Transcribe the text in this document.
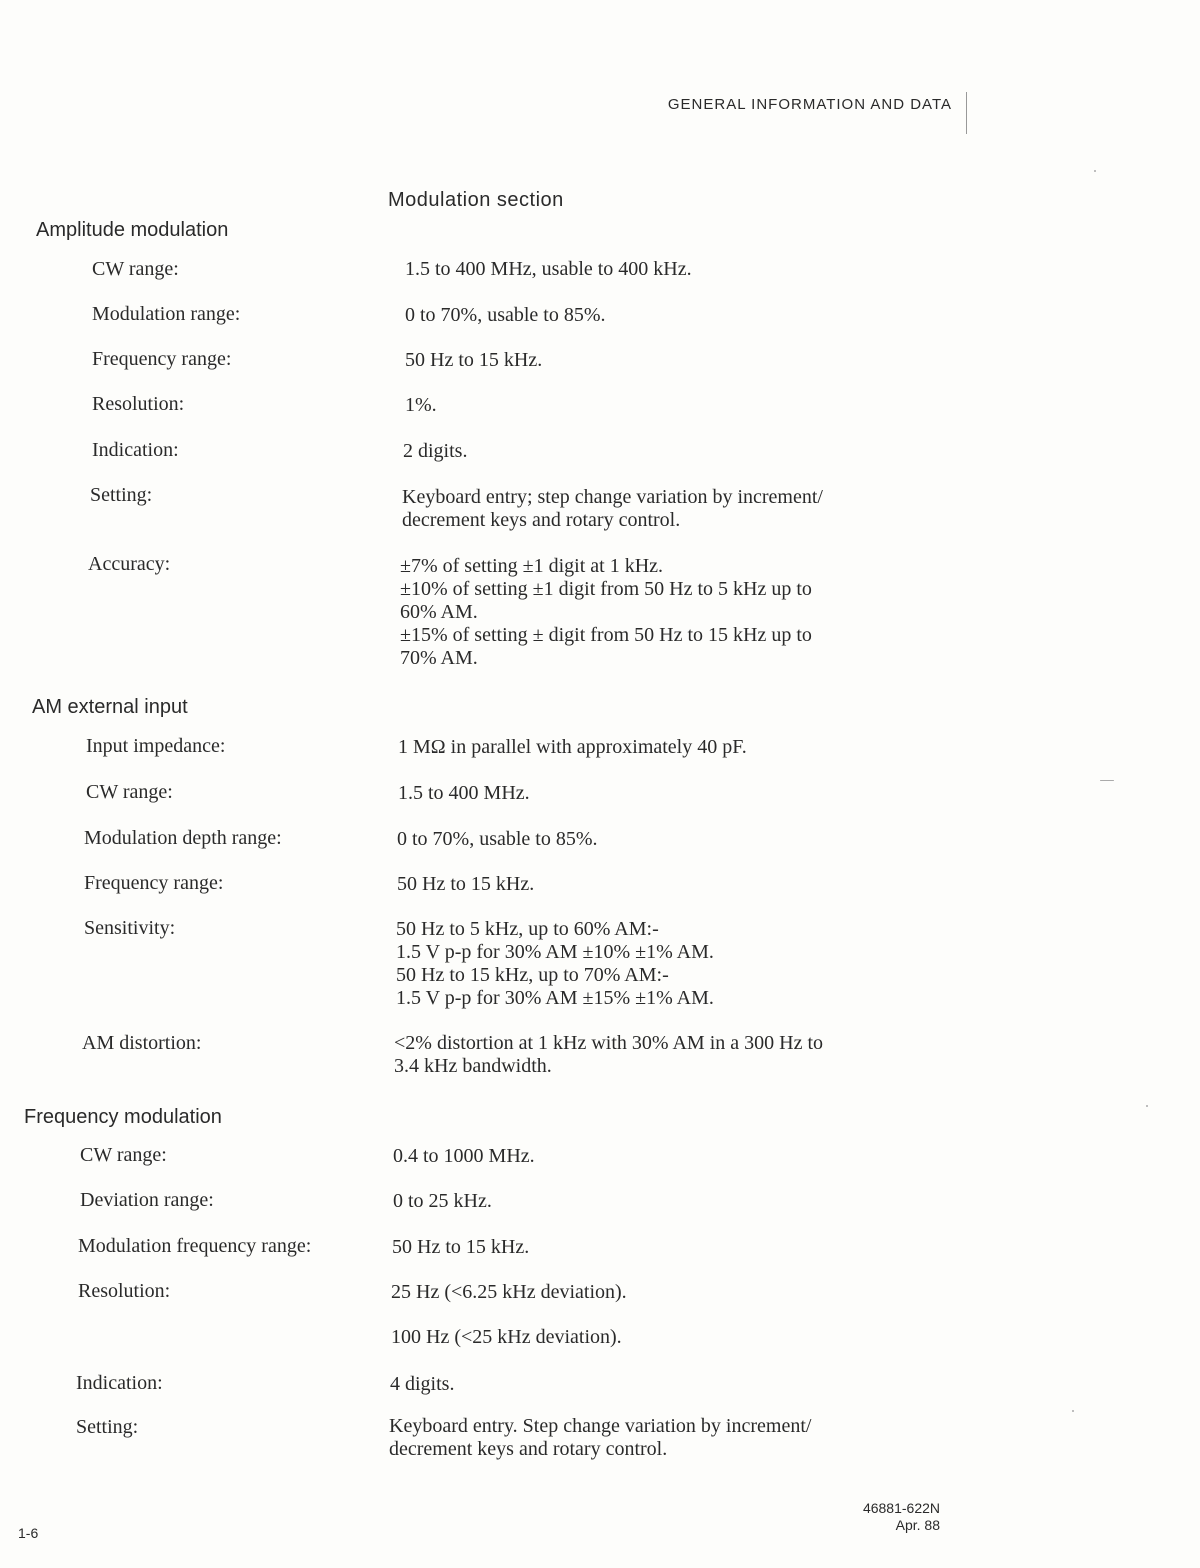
GENERAL INFORMATION AND DATA
Modulation section
Amplitude modulation
CW range:	1.5 to 400 MHz, usable to 400 kHz.
Modulation range:	0 to 70%, usable to 85%.
Frequency range:	50 Hz to 15 kHz.
Resolution:	1%.
Indication:	2 digits.
Setting:	Keyboard entry; step change variation by increment/
decrement keys and rotary control.
Accuracy:	±7% of setting ±1 digit at 1 kHz.
±10% of setting ±1 digit from 50 Hz to 5 kHz up to
60% AM.
±15% of setting ± digit from 50 Hz to 15 kHz up to
70% AM.
AM external input
Input impedance:	1 MΩ in parallel with approximately 40 pF.
CW range:	1.5 to 400 MHz.
Modulation depth range:	0 to 70%, usable to 85%.
Frequency range:	50 Hz to 15 kHz.
Sensitivity:	50 Hz to 5 kHz, up to 60% AM:-
1.5 V p-p for 30% AM ±10% ±1% AM.
50 Hz to 15 kHz, up to 70% AM:-
1.5 V p-p for 30% AM ±15% ±1% AM.
AM distortion:	<2% distortion at 1 kHz with 30% AM in a 300 Hz to
3.4 kHz bandwidth.
Frequency modulation
CW range:	0.4 to 1000 MHz.
Deviation range:	0 to 25 kHz.
Modulation frequency range:	50 Hz to 15 kHz.
Resolution:	25 Hz (<6.25 kHz deviation).
100 Hz (<25 kHz deviation).
Indication:	4 digits.
Setting:	Keyboard entry. Step change variation by increment/
decrement keys and rotary control.
1-6
46881-622N
Apr. 88
